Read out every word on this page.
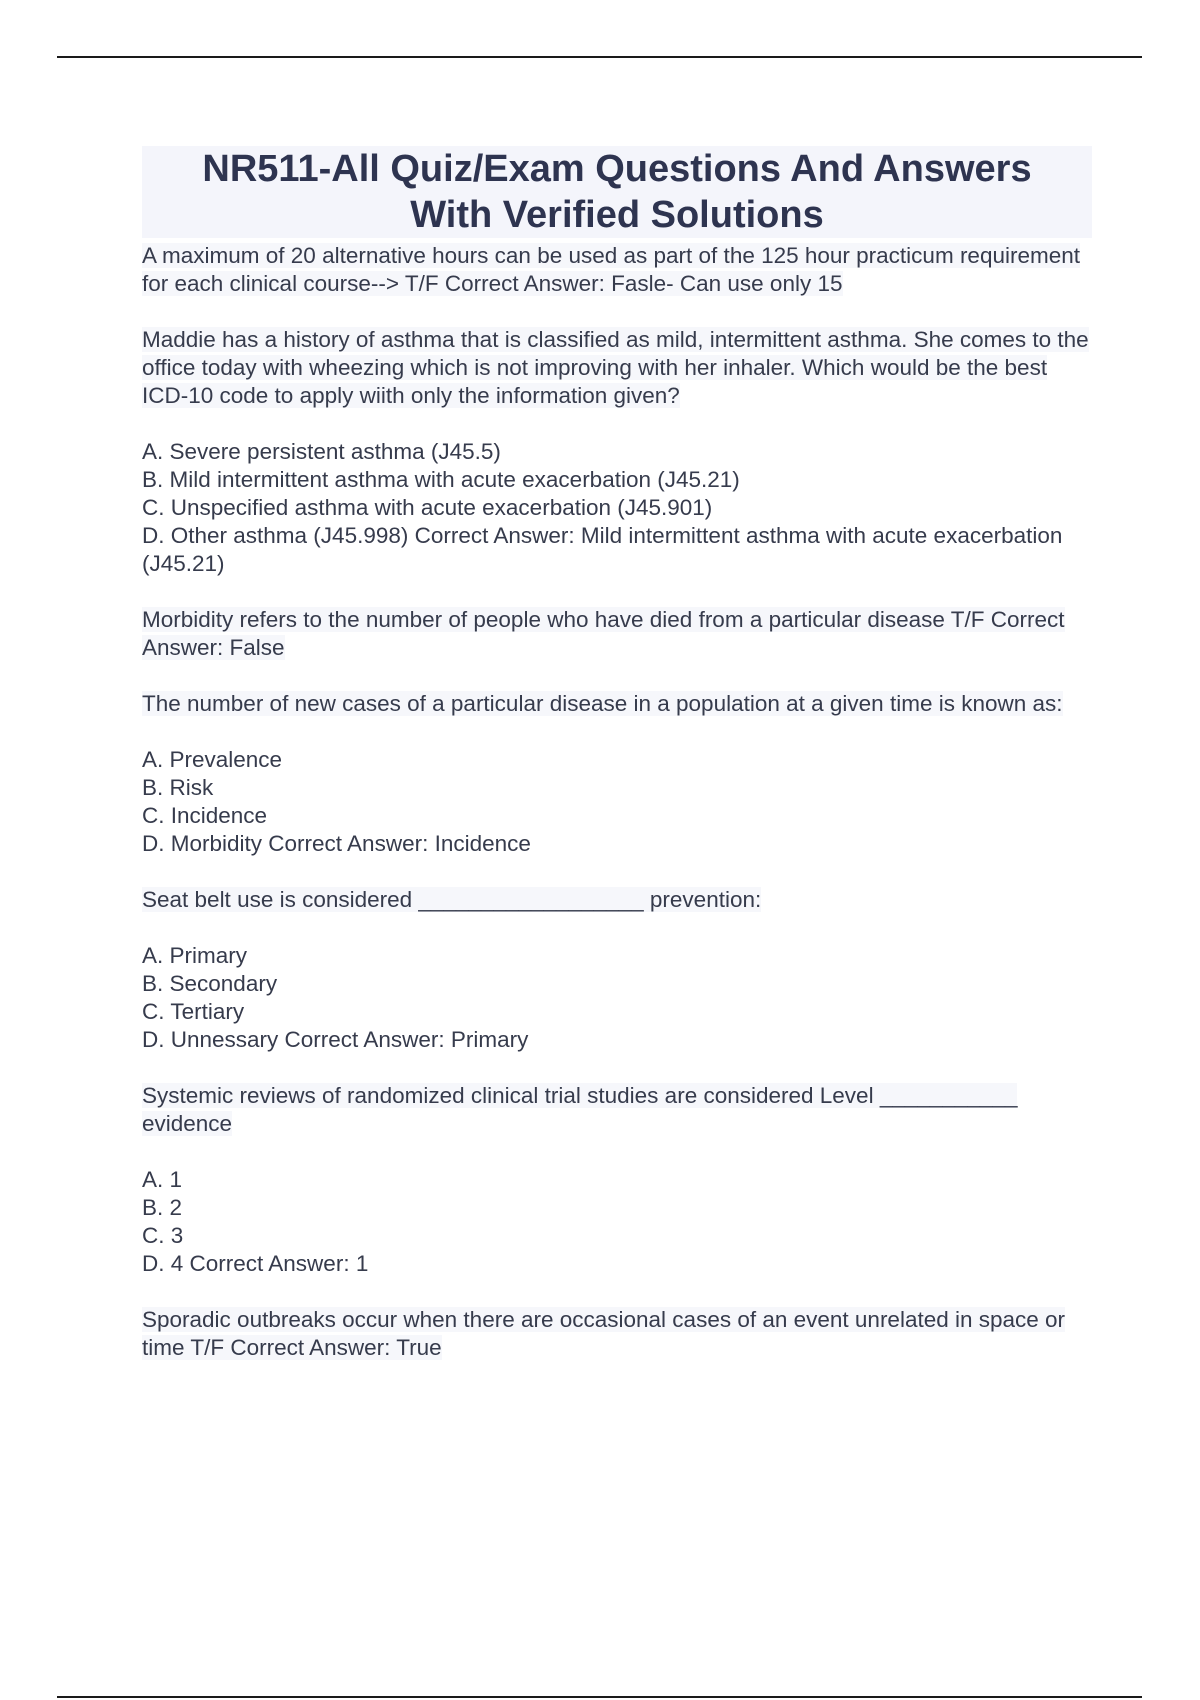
NR511-All Quiz/Exam Questions And Answers
With Verified Solutions

A maximum of 20 alternative hours can be used as part of the 125 hour practicum requirement for each clinical course--> T/F Correct Answer: Fasle- Can use only 15

Maddie has a history of asthma that is classified as mild, intermittent asthma. She comes to the office today with wheezing which is not improving with her inhaler. Which would be the best ICD-10 code to apply wiith only the information given?

A. Severe persistent asthma (J45.5)
B. Mild intermittent asthma with acute exacerbation (J45.21)
C. Unspecified asthma with acute exacerbation (J45.901)
D. Other asthma (J45.998) Correct Answer: Mild intermittent asthma with acute exacerbation (J45.21)

Morbidity refers to the number of people who have died from a particular disease T/F Correct Answer: False

The number of new cases of a particular disease in a population at a given time is known as:

A. Prevalence
B. Risk
C. Incidence
D. Morbidity Correct Answer: Incidence

Seat belt use is considered __________________ prevention:

A. Primary
B. Secondary
C. Tertiary
D. Unnessary Correct Answer: Primary

Systemic reviews of randomized clinical trial studies are considered Level ___________ evidence

A. 1
B. 2
C. 3
D. 4 Correct Answer: 1

Sporadic outbreaks occur when there are occasional cases of an event unrelated in space or time T/F Correct Answer: True
